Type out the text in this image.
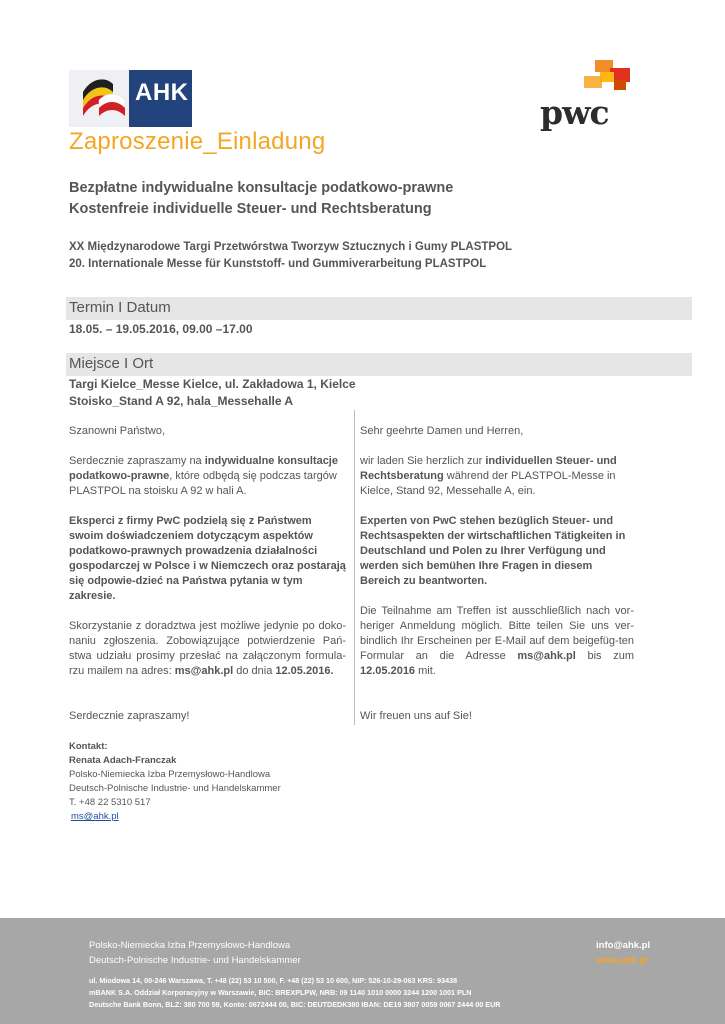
AHK
pwc
Zaproszenie_Einladung
Bezpłatne indywidualne konsultacje podatkowo-prawne
Kostenfreie individuelle Steuer- und Rechtsberatung
XX Międzynarodowe Targi Przetwórstwa Tworzyw Sztucznych i Gumy PLASTPOL
20. Internationale Messe für Kunststoff- und Gummiverarbeitung PLASTPOL
Termin I Datum
18.05. – 19.05.2016, 09.00 –17.00
Miejsce I Ort
Targi Kielce_Messe Kielce, ul. Zakładowa 1, Kielce
Stoisko_Stand A 92, hala_Messehalle A

Szanowni Państwo,

Serdecznie zapraszamy na indywidualne konsultacje podatkowo-prawne, które odbędą się podczas targów PLASTPOL na stoisku A 92 w hali A.

Eksperci z firmy PwC podzielą się z Państwem swoim doświadczeniem dotyczącym aspektów podatkowo-prawnych prowadzenia działalności gospodarczej w Polsce i w Niemczech oraz postarają się odpowie-dzieć na Państwa pytania w tym zakresie.

Skorzystanie z doradztwa jest możliwe jedynie po doko-naniu zgłoszenia. Zobowiązujące potwierdzenie Pań-stwa udziału prosimy przesłać na załączonym formula-rzu mailem na adres: ms@ahk.pl do dnia 12.05.2016.

Serdecznie zapraszamy!

Sehr geehrte Damen und Herren,

wir laden Sie herzlich zur individuellen Steuer- und Rechtsberatung während der PLASTPOL-Messe in Kielce, Stand 92, Messehalle A, ein.

Experten von PwC stehen bezüglich Steuer- und Rechtsaspekten der wirtschaftlichen Tätigkeiten in Deutschland und Polen zu Ihrer Verfügung und werden sich bemühen Ihre Fragen in diesem Bereich zu beantworten.

Die Teilnahme am Treffen ist ausschließlich nach vor-heriger Anmeldung möglich. Bitte teilen Sie uns ver-bindlich Ihr Erscheinen per E-Mail auf dem beigefüg-ten Formular an die Adresse ms@ahk.pl bis zum 12.05.2016 mit.

Wir freuen uns auf Sie!

Kontakt:
Renata Adach-Franczak
Polsko-Niemiecka Izba Przemysłowo-Handlowa
Deutsch-Polnische Industrie- und Handelskammer
T. +48 22 5310 517
ms@ahk.pl
Polsko-Niemiecka Izba Przemysłowo-Handlowa
Deutsch-Polnische Industrie- und Handelskammer
info@ahk.pl
www.ahk.pl
ul. Miodowa 14, 00-246 Warszawa, T. +48 (22) 53 10 500, F. +48 (22) 53 10 600, NIP: 526-10-29-063 KRS: 93438
mBANK S.A. Oddział Korporacyjny w Warszawie, BIC: BREXPLPW, NRB: 09 1140 1010 0000 3244 1200 1001 PLN
Deutsche Bank Bonn, BLZ: 380 700 59, Konto: 0672444 00, BIC: DEUTDEDK380 IBAN: DE19 3807 0059 0067 2444 00 EUR
